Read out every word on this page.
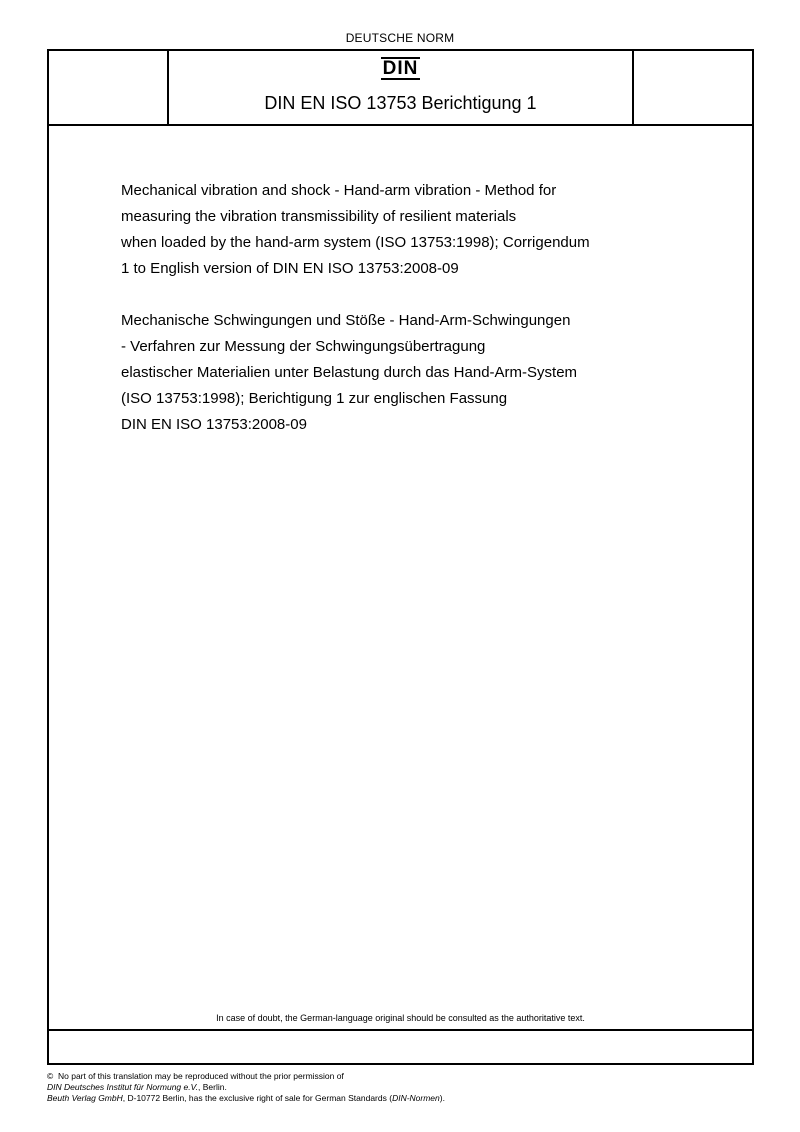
DEUTSCHE NORM
DIN
DIN EN ISO 13753 Berichtigung 1

Mechanical vibration and shock - Hand-arm vibration - Method for
measuring the vibration transmissibility of resilient materials
when loaded by the hand-arm system (ISO 13753:1998); Corrigendum
1 to English version of DIN EN ISO 13753:2008-09

Mechanische Schwingungen und Stöße - Hand-Arm-Schwingungen
- Verfahren zur Messung der Schwingungsübertragung
elastischer Materialien unter Belastung durch das Hand-Arm-System
(ISO 13753:1998); Berichtigung 1 zur englischen Fassung
DIN EN ISO 13753:2008-09

In case of doubt, the German-language original should be consulted as the authoritative text.
© No part of this translation may be reproduced without the prior permission of
DIN Deutsches Institut für Normung e.V., Berlin.
Beuth Verlag GmbH, D-10772 Berlin, has the exclusive right of sale for German Standards (DIN-Normen).
